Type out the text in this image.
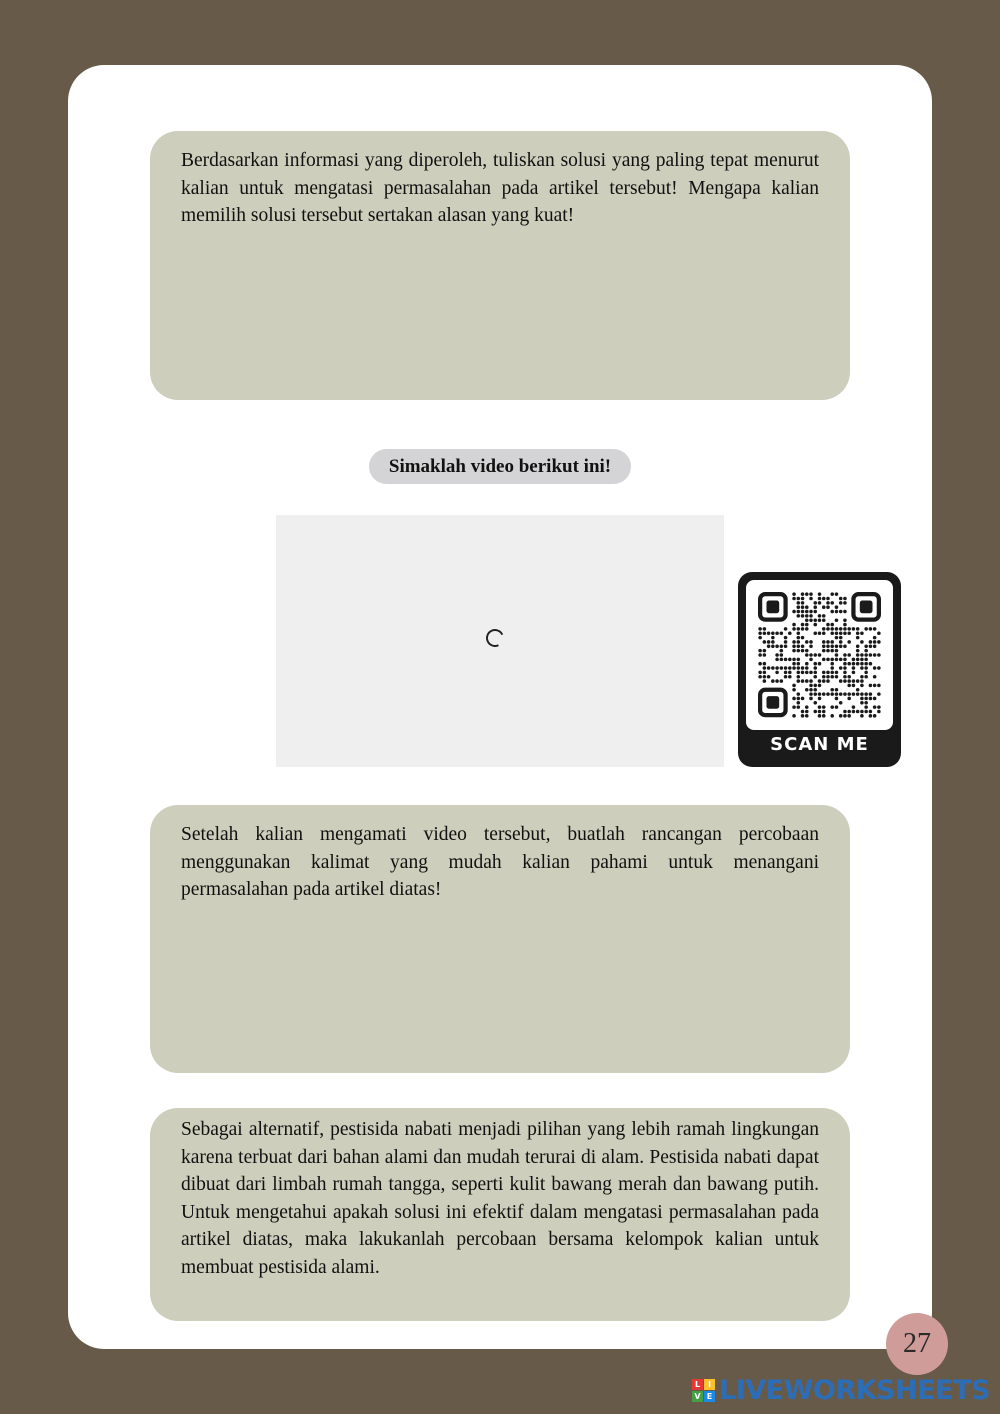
Berdasarkan informasi yang diperoleh, tuliskan solusi yang paling tepat menurut kalian untuk mengatasi permasalahan pada artikel tersebut! Mengapa kalian memilih solusi tersebut sertakan alasan yang kuat!

Simaklah video berikut ini!
SCAN ME

Setelah kalian mengamati video tersebut, buatlah rancangan percobaan menggunakan kalimat yang mudah kalian pahami untuk menangani permasalahan pada artikel diatas!

Sebagai alternatif, pestisida nabati menjadi pilihan yang lebih ramah lingkungan karena terbuat dari bahan alami dan mudah terurai di alam. Pestisida nabati dapat dibuat dari limbah rumah tangga, seperti kulit bawang merah dan bawang putih. Untuk mengetahui apakah solusi ini efektif dalam mengatasi permasalahan pada artikel diatas, maka lakukanlah percobaan bersama kelompok kalian untuk membuat pestisida alami.

27
L I
V E LIVEWORKSHEETS
